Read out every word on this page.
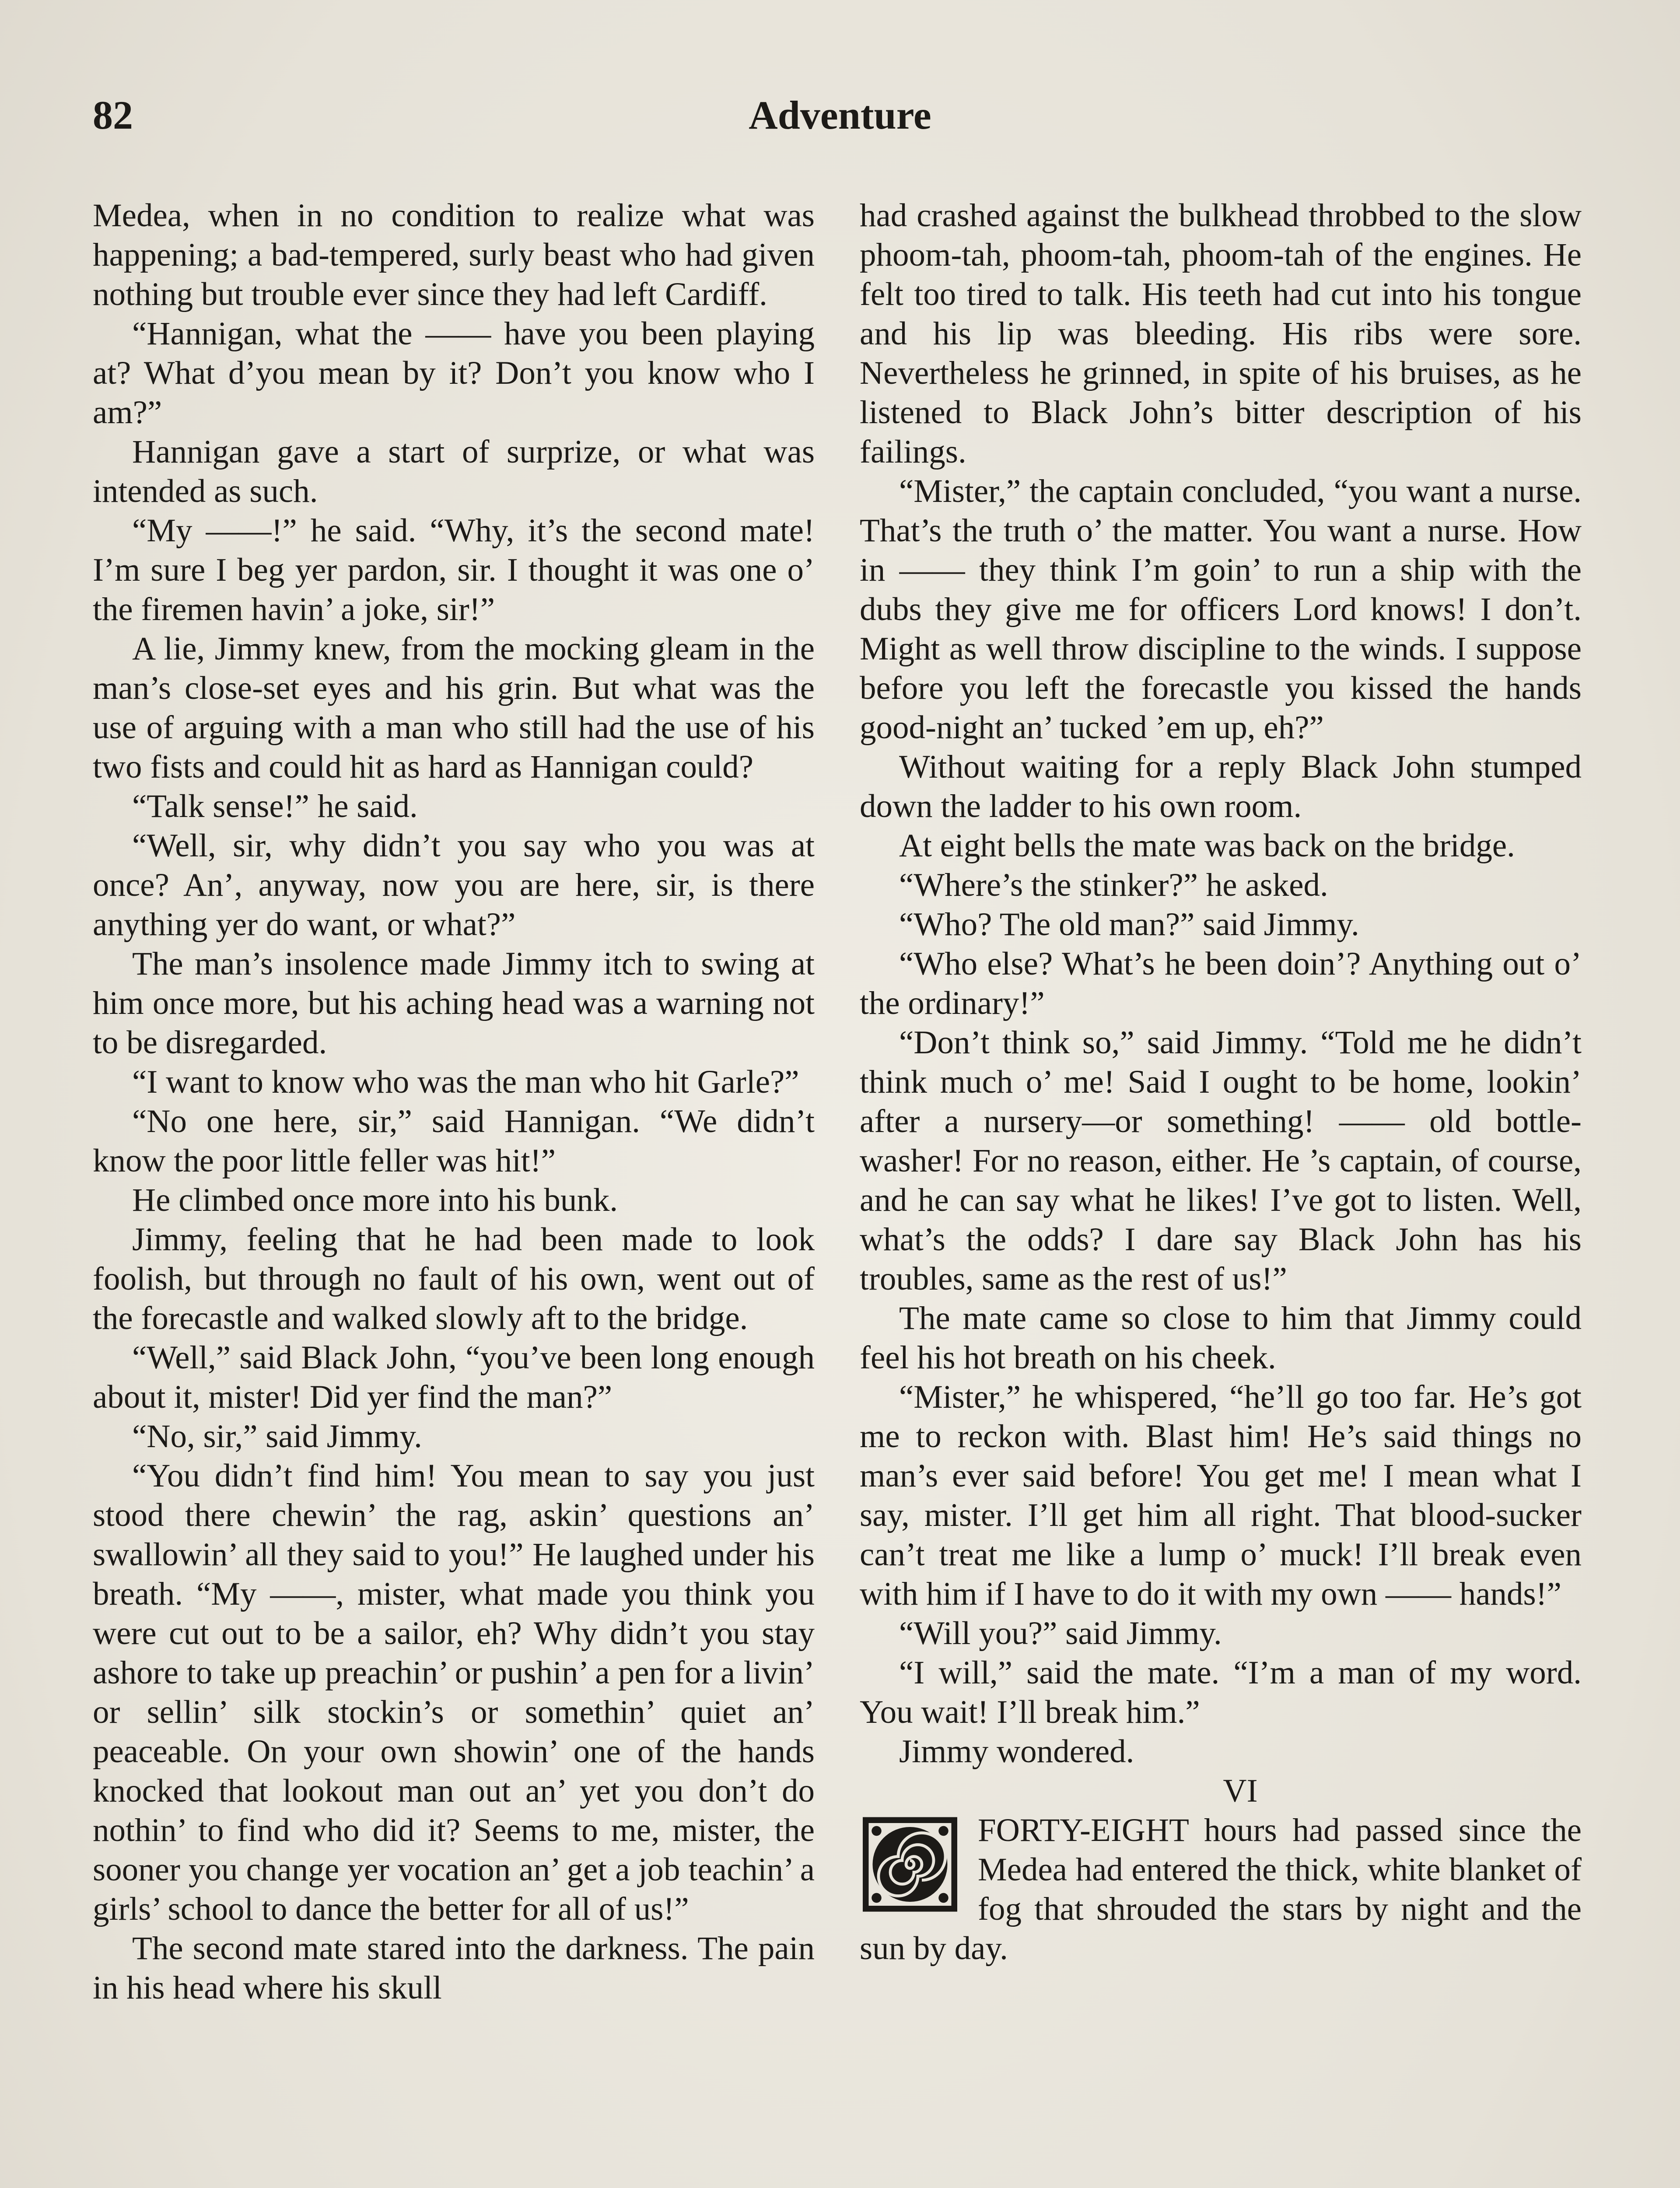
82	Adventure

Medea, when in no condition to realize what was happening; a bad-tempered, surly beast who had given nothing but trouble ever since they had left Cardiff.

“Hannigan, what the —— have you been playing at? What d’you mean by it? Don’t you know who I am?”

Hannigan gave a start of surprize, or what was intended as such.

“My ——!” he said. “Why, it’s the second mate! I’m sure I beg yer pardon, sir. I thought it was one o’ the firemen havin’ a joke, sir!”

A lie, Jimmy knew, from the mocking gleam in the man’s close-set eyes and his grin. But what was the use of arguing with a man who still had the use of his two fists and could hit as hard as Hannigan could?

“Talk sense!” he said.

“Well, sir, why didn’t you say who you was at once? An’, anyway, now you are here, sir, is there anything yer do want, or what?”

The man’s insolence made Jimmy itch to swing at him once more, but his aching head was a warning not to be disregarded.

“I want to know who was the man who hit Garle?”

“No one here, sir,” said Hannigan. “We didn’t know the poor little feller was hit!”

He climbed once more into his bunk.

Jimmy, feeling that he had been made to look foolish, but through no fault of his own, went out of the forecastle and walked slowly aft to the bridge.

“Well,” said Black John, “you’ve been long enough about it, mister! Did yer find the man?”

“No, sir,” said Jimmy.

“You didn’t find him! You mean to say you just stood there chewin’ the rag, askin’ questions an’ swallowin’ all they said to you!” He laughed under his breath. “My ——, mister, what made you think you were cut out to be a sailor, eh? Why didn’t you stay ashore to take up preachin’ or pushin’ a pen for a livin’ or sellin’ silk stockin’s or somethin’ quiet an’ peaceable. On your own showin’ one of the hands knocked that lookout man out an’ yet you don’t do nothin’ to find who did it? Seems to me, mister, the sooner you change yer vocation an’ get a job teachin’ a girls’ school to dance the better for all of us!”

The second mate stared into the darkness. The pain in his head where his skull

had crashed against the bulkhead throbbed to the slow phoom-tah, phoom-tah, phoom-tah of the engines. He felt too tired to talk. His teeth had cut into his tongue and his lip was bleeding. His ribs were sore. Nevertheless he grinned, in spite of his bruises, as he listened to Black John’s bitter description of his failings.

“Mister,” the captain concluded, “you want a nurse. That’s the truth o’ the matter. You want a nurse. How in —— they think I’m goin’ to run a ship with the dubs they give me for officers Lord knows! I don’t. Might as well throw discipline to the winds. I suppose before you left the forecastle you kissed the hands good-night an’ tucked ’em up, eh?”

Without waiting for a reply Black John stumped down the ladder to his own room.

At eight bells the mate was back on the bridge.

“Where’s the stinker?” he asked.

“Who? The old man?” said Jimmy.

“Who else? What’s he been doin’? Anything out o’ the ordinary!”

“Don’t think so,” said Jimmy. “Told me he didn’t think much o’ me! Said I ought to be home, lookin’ after a nursery—or something! —— old bottle-washer! For no reason, either. He ’s captain, of course, and he can say what he likes! I’ve got to listen. Well, what’s the odds? I dare say Black John has his troubles, same as the rest of us!”

The mate came so close to him that Jimmy could feel his hot breath on his cheek.

“Mister,” he whispered, “he’ll go too far. He’s got me to reckon with. Blast him! He’s said things no man’s ever said before! You get me! I mean what I say, mister. I’ll get him all right. That blood-sucker can’t treat me like a lump o’ muck! I’ll break even with him if I have to do it with my own —— hands!”

“Will you?” said Jimmy.

“I will,” said the mate. “I’m a man of my word. You wait! I’ll break him.”

Jimmy wondered.

VI

FORTY-EIGHT hours had passed since the Medea had entered the thick, white blanket of fog that shrouded the stars by night and the sun by day.
